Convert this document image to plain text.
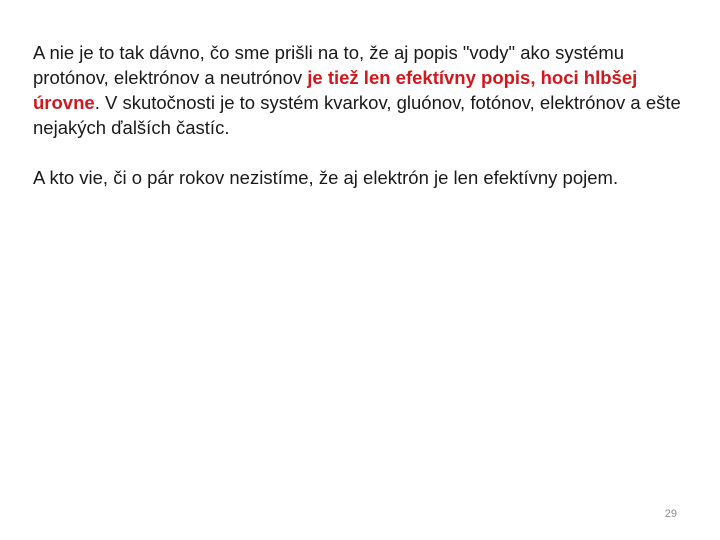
A nie je to tak dávno, čo sme prišli na to, že aj popis "vody" ako systému protónov, elektrónov a neutrónov je tiež len efektívny popis, hoci hlbšej úrovne. V skutočnosti je to systém kvarkov, gluónov, fotónov, elektrónov a ešte nejakých ďalších častíc.

A kto vie, či o pár rokov nezistíme, že aj elektrón je len efektívny pojem.

29
